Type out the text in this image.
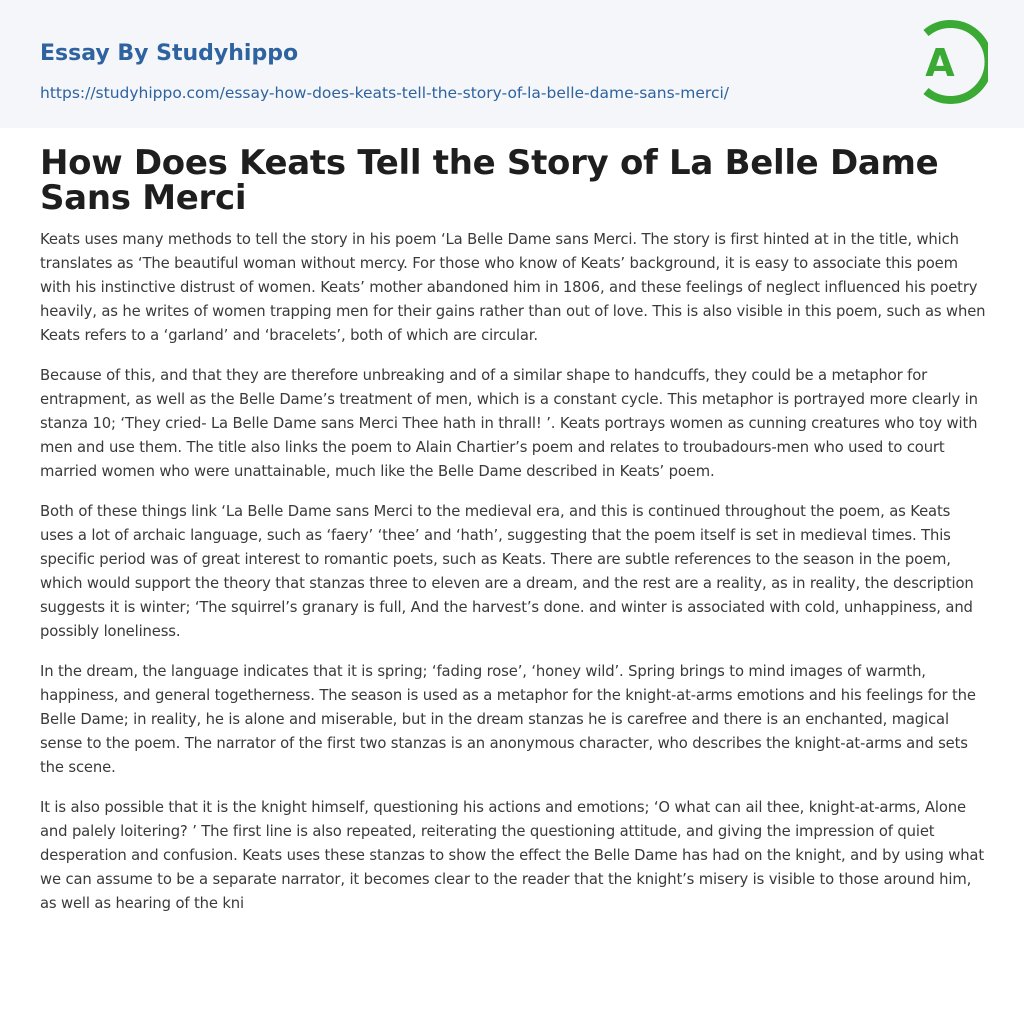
Essay By Studyhippo
https://studyhippo.com/essay-how-does-keats-tell-the-story-of-la-belle-dame-sans-merci/
A
How Does Keats Tell the Story of La Belle Dame Sans Merci

Keats uses many methods to tell the story in his poem ‘La Belle Dame sans Merci. The story is first hinted at in the title, which translates as ‘The beautiful woman without mercy. For those who know of Keats’ background, it is easy to associate this poem with his instinctive distrust of women. Keats’ mother abandoned him in 1806, and these feelings of neglect influenced his poetry heavily, as he writes of women trapping men for their gains rather than out of love. This is also visible in this poem, such as when Keats refers to a ‘garland’ and ‘bracelets’, both of which are circular.

Because of this, and that they are therefore unbreaking and of a similar shape to handcuffs, they could be a metaphor for entrapment, as well as the Belle Dame’s treatment of men, which is a constant cycle. This metaphor is portrayed more clearly in stanza 10; ‘They cried- La Belle Dame sans Merci Thee hath in thrall! ’. Keats portrays women as cunning creatures who toy with men and use them. The title also links the poem to Alain Chartier’s poem and relates to troubadours-men who used to court married women who were unattainable, much like the Belle Dame described in Keats’ poem.

Both of these things link ‘La Belle Dame sans Merci to the medieval era, and this is continued throughout the poem, as Keats uses a lot of archaic language, such as ‘faery’ ‘thee’ and ‘hath’, suggesting that the poem itself is set in medieval times. This specific period was of great interest to romantic poets, such as Keats. There are subtle references to the season in the poem, which would support the theory that stanzas three to eleven are a dream, and the rest are a reality, as in reality, the description suggests it is winter; ‘The squirrel’s granary is full, And the harvest’s done. and winter is associated with cold, unhappiness, and possibly loneliness.

In the dream, the language indicates that it is spring; ‘fading rose’, ‘honey wild’. Spring brings to mind images of warmth, happiness, and general togetherness. The season is used as a metaphor for the knight-at-arms emotions and his feelings for the Belle Dame; in reality, he is alone and miserable, but in the dream stanzas he is carefree and there is an enchanted, magical sense to the poem. The narrator of the first two stanzas is an anonymous character, who describes the knight-at-arms and sets the scene.

It is also possible that it is the knight himself, questioning his actions and emotions; ‘O what can ail thee, knight-at-arms, Alone and palely loitering? ’ The first line is also repeated, reiterating the questioning attitude, and giving the impression of quiet desperation and confusion. Keats uses these stanzas to show the effect the Belle Dame has had on the knight, and by using what we can assume to be a separate narrator, it becomes clear to the reader that the knight’s misery is visible to those around him, as well as hearing of the kni
